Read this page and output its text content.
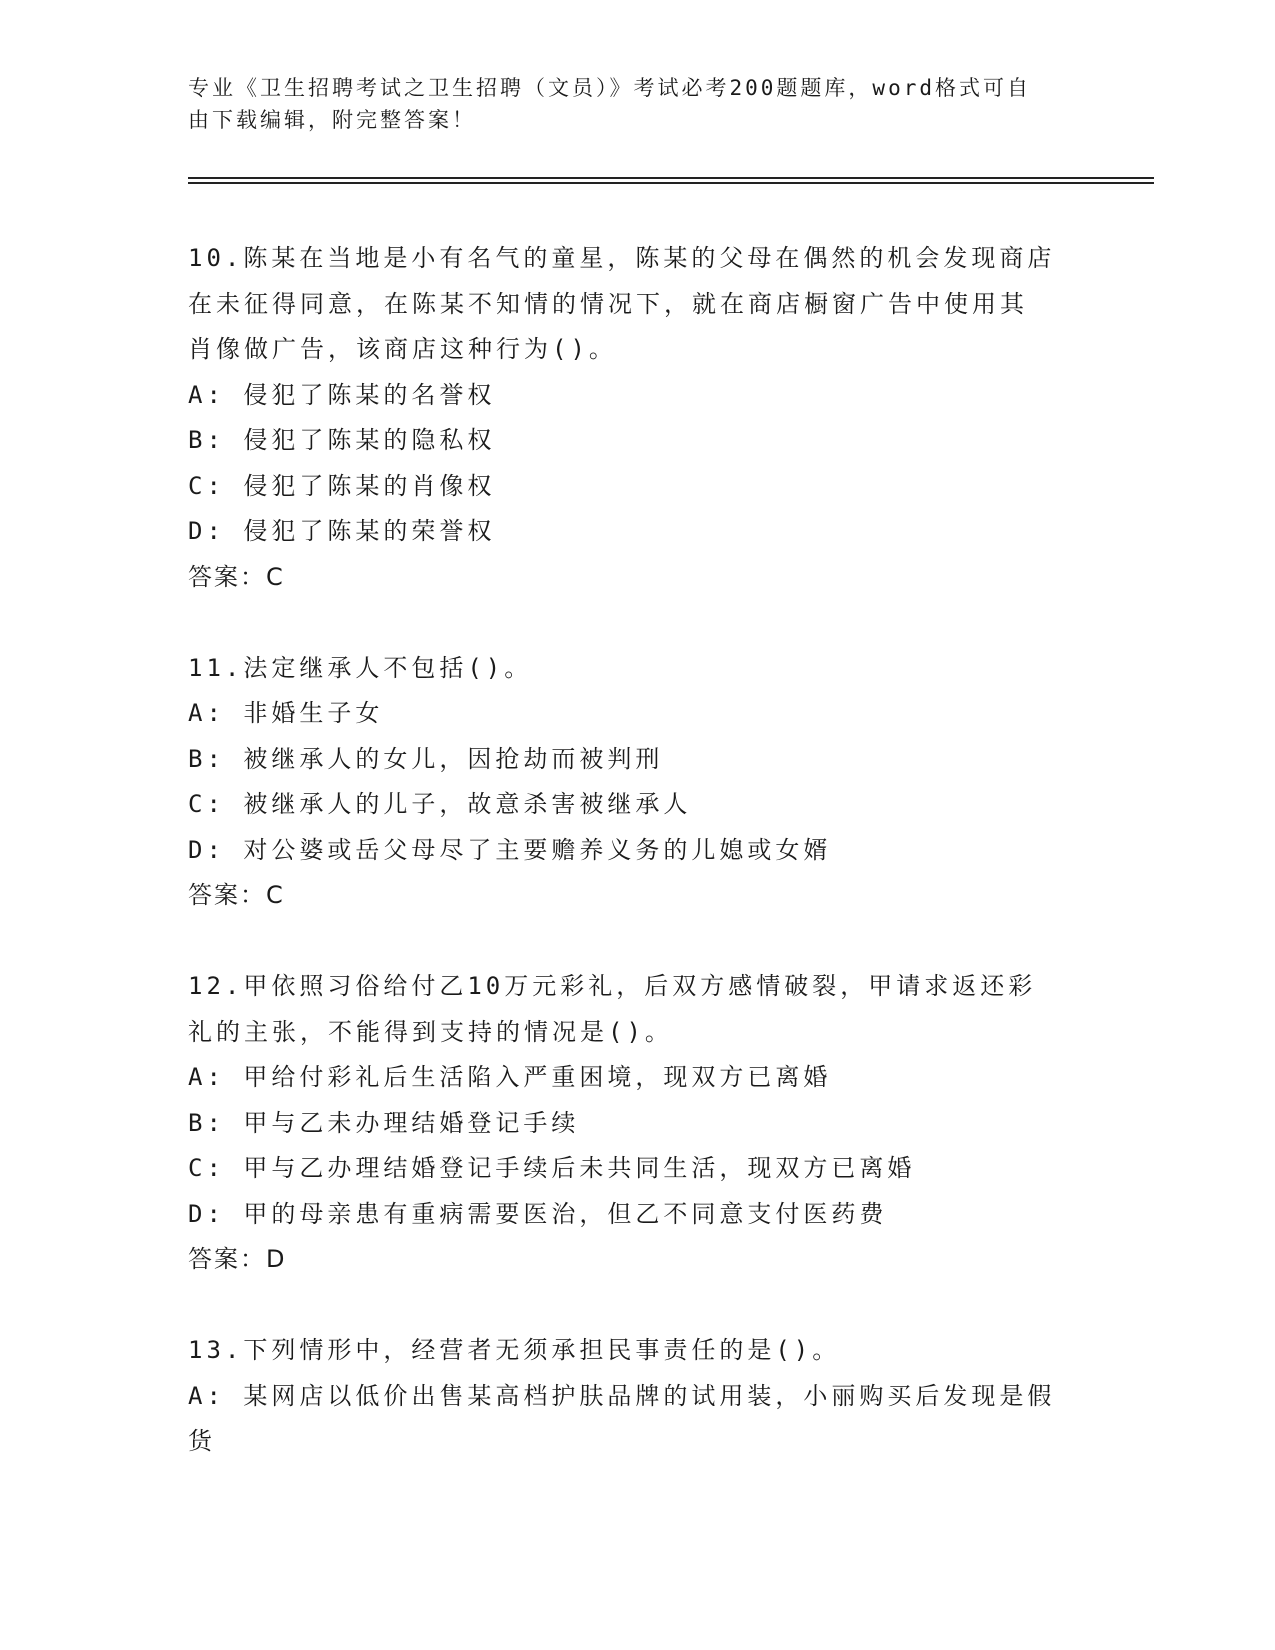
专业《卫生招聘考试之卫生招聘（文员）》考试必考200题题库，word格式可自

由下载编辑，附完整答案！

10.陈某在当地是小有名气的童星，陈某的父母在偶然的机会发现商店

在未征得同意，在陈某不知情的情况下，就在商店橱窗广告中使用其

肖像做广告，该商店这种行为()。

A: 侵犯了陈某的名誉权

B: 侵犯了陈某的隐私权

C: 侵犯了陈某的肖像权

D: 侵犯了陈某的荣誉权

答案：C

11.法定继承人不包括()。

A: 非婚生子女

B: 被继承人的女儿，因抢劫而被判刑

C: 被继承人的儿子，故意杀害被继承人

D: 对公婆或岳父母尽了主要赡养义务的儿媳或女婿

答案：C

12.甲依照习俗给付乙10万元彩礼，后双方感情破裂，甲请求返还彩

礼的主张，不能得到支持的情况是()。

A: 甲给付彩礼后生活陷入严重困境，现双方已离婚

B: 甲与乙未办理结婚登记手续

C: 甲与乙办理结婚登记手续后未共同生活，现双方已离婚

D: 甲的母亲患有重病需要医治，但乙不同意支付医药费

答案：D

13.下列情形中，经营者无须承担民事责任的是()。

A: 某网店以低价出售某高档护肤品牌的试用装，小丽购买后发现是假

货
